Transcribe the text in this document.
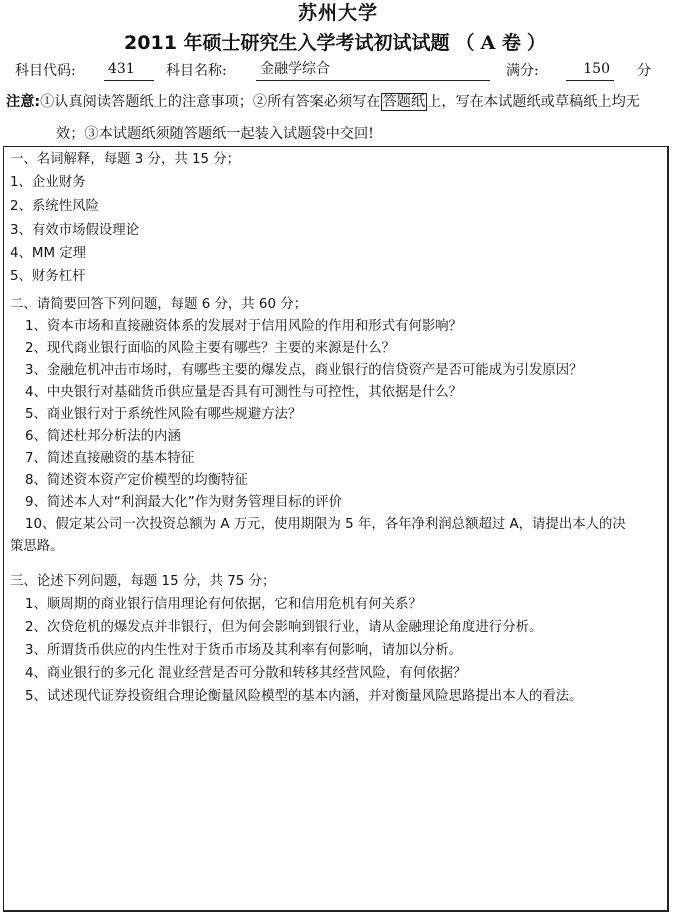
苏州大学
2011 年硕士研究生入学考试初试试题 （ A 卷 ）
科目代码: 431	科目名称: 金融学综合	满分:	150 分
注意:①认真阅读答题纸上的注意事项；②所有答案必须写在 答题纸 上，写在本试题纸或草稿纸上均无
效；③本试题纸须随答题纸一起装入试题袋中交回!
一、名词解释，每题 3 分，共 15 分；
1、企业财务
2、系统性风险
3、有效市场假设理论
4、MM 定理
5、财务杠杆
二、请简要回答下列问题，每题 6 分，共 60 分；
1、资本市场和直接融资体系的发展对于信用风险的作用和形式有何影响？
2、现代商业银行面临的风险主要有哪些？主要的来源是什么？
3、金融危机冲击市场时，有哪些主要的爆发点，商业银行的信贷资产是否可能成为引发原因？
4、中央银行对基础货币供应量是否具有可测性与可控性，其依据是什么？
5、商业银行对于系统性风险有哪些规避方法？
6、简述杜邦分析法的内涵
7、简述直接融资的基本特征
8、简述资本资产定价模型的均衡特征
9、简述本人对“利润最大化”作为财务管理目标的评价
10、假定某公司一次投资总额为 A 万元，使用期限为 5 年，各年净利润总额超过 A，请提出本人的决
策思路。
三、论述下列问题，每题 15 分，共 75 分；
1、顺周期的商业银行信用理论有何依据，它和信用危机有何关系？
2、次贷危机的爆发点并非银行，但为何会影响到银行业，请从金融理论角度进行分析。
3、所谓货币供应的内生性对于货币市场及其利率有何影响，请加以分析。
4、商业银行的多元化 混业经营是否可分散和转移其经营风险，有何依据？
5、试述现代证券投资组合理论衡量风险模型的基本内涵，并对衡量风险思路提出本人的看法。
